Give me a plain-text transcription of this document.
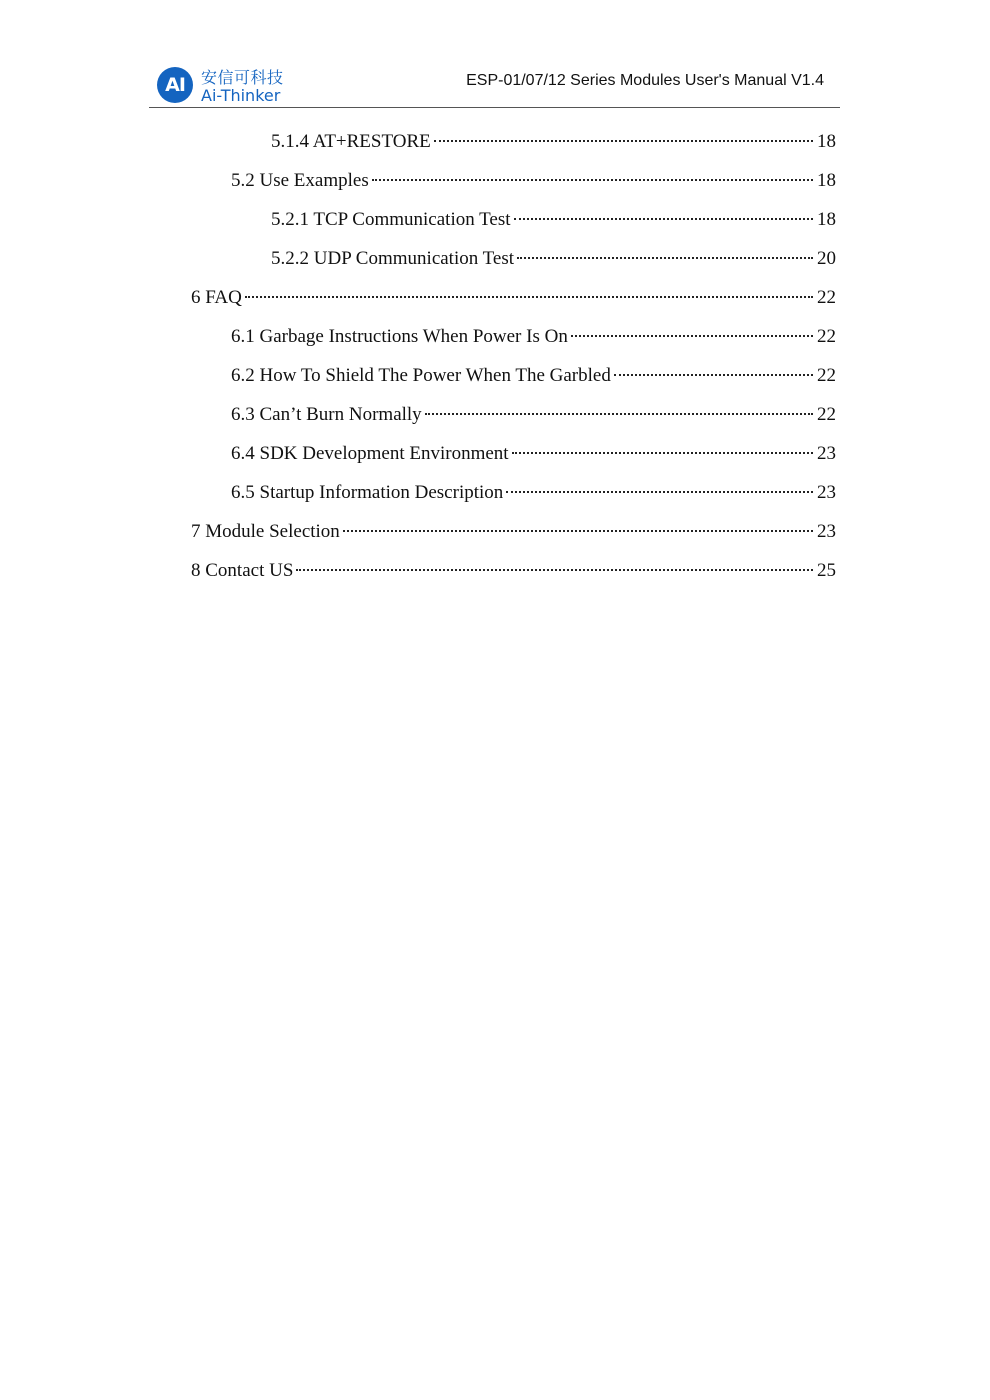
AI 安信可科技
Ai-Thinker
ESP-01/07/12 Series Modules User's Manual V1.4
5.1.4 AT+RESTORE	18
5.2 Use Examples	18
5.2.1 TCP Communication Test	18
5.2.2 UDP Communication Test	20
6 FAQ	22
6.1 Garbage Instructions When Power Is On	22
6.2 How To Shield The Power When The Garbled	22
6.3 Can’t Burn Normally	22
6.4 SDK Development Environment	23
6.5 Startup Information Description	23
7 Module Selection	23
8 Contact US	25
